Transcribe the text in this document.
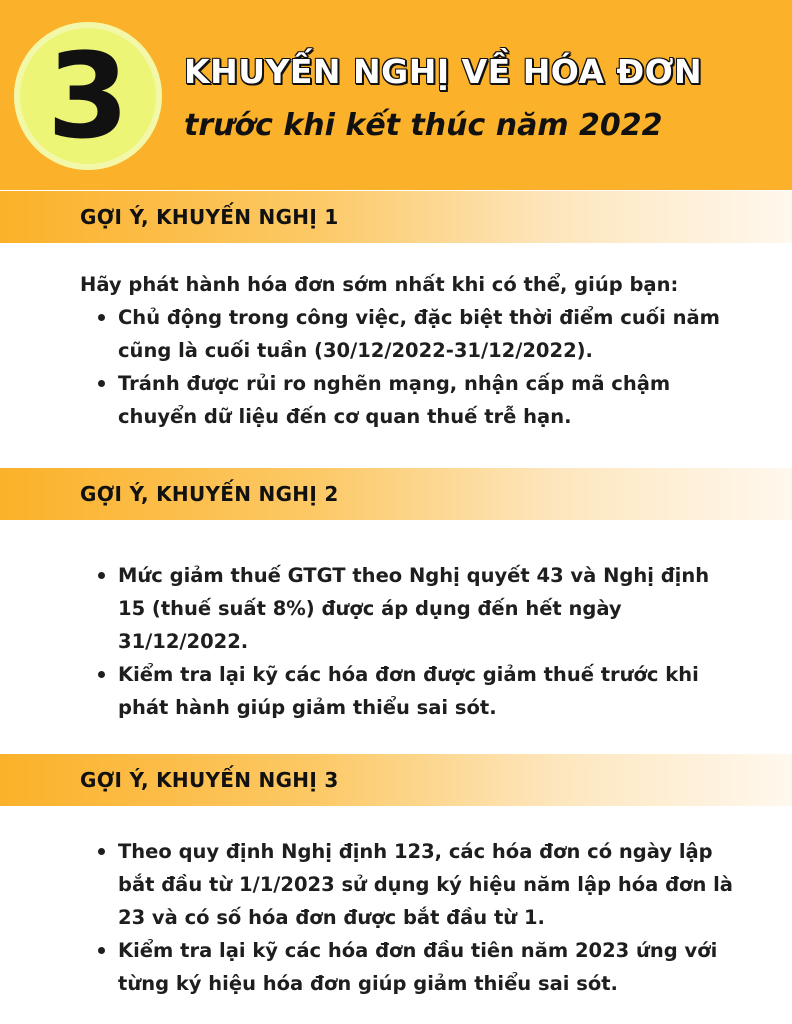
3	KHUYẾN NGHỊ VỀ HÓA ĐƠN
trước khi kết thúc năm 2022
GỢI Ý, KHUYẾN NGHỊ 1

Hãy phát hành hóa đơn sớm nhất khi có thể, giúp bạn:

Chủ động trong công việc, đặc biệt thời điểm cuối năm cũng là cuối tuần (30/12/2022-31/12/2022).
Tránh được rủi ro nghẽn mạng, nhận cấp mã chậm chuyển dữ liệu đến cơ quan thuế trễ hạn.
GỢI Ý, KHUYẾN NGHỊ 2
Mức giảm thuế GTGT theo Nghị quyết 43 và Nghị định 15 (thuế suất 8%) được áp dụng đến hết ngày 31/12/2022.
Kiểm tra lại kỹ các hóa đơn được giảm thuế trước khi phát hành giúp giảm thiểu sai sót.
GỢI Ý, KHUYẾN NGHỊ 3
Theo quy định Nghị định 123, các hóa đơn có ngày lập bắt đầu từ 1/1/2023 sử dụng ký hiệu năm lập hóa đơn là 23 và có số hóa đơn được bắt đầu từ 1.
Kiểm tra lại kỹ các hóa đơn đầu tiên năm 2023 ứng với từng ký hiệu hóa đơn giúp giảm thiểu sai sót.
